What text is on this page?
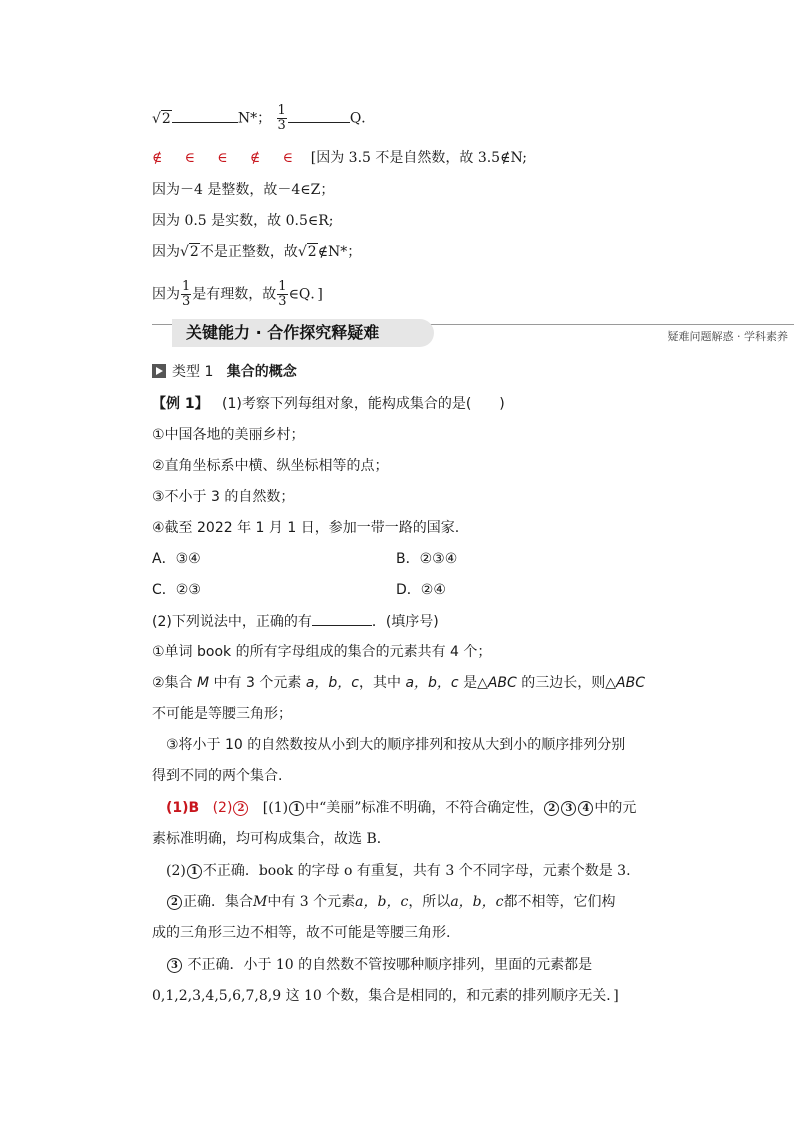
√2	N*； $\frac{1}{3}$	Q．
∉ ∈ ∈ ∉ ∈ [因为 3.5 不是自然数，故 3.5∉N;
因为－4 是整数，故－4∈Z；
因为 0.5 是实数，故 0.5∈R;
因为√2不是正整数，故√2∉N*；
因为 $\frac{1}{3}$ 是有理数，故 $\frac{1}{3}$ ∈Q．]
关键能力 · 合作探究释疑难	疑难问题解惑 · 学科素养
类型 1 集合的概念
【例 1】 (1)考察下列每组对象，能构成集合的是(　　)
①中国各地的美丽乡村；
②直角坐标系中横、纵坐标相等的点；
③不小于 3 的自然数；
④截至 2022 年 1 月 1 日，参加一带一路的国家.
A．③④	B．②③④
C．②③	D．②④
(2)下列说法中，正确的有	．(填序号)
①单词 book 的所有字母组成的集合的元素共有 4 个；
②集合 M 中有 3 个元素 a，b，c，其中 a，b，c 是△ABC 的三边长，则△ABC
不可能是等腰三角形；
③将小于 10 的自然数按从小到大的顺序排列和按从大到小的顺序排列分别
得到不同的两个集合.
(1)B (2) 2 [(1) 1 中“美丽”标准不明确，不符合确定性， 2 3 4 中的元
素标准明确，均可构成集合，故选 B．
(2) 1 不正确．book 的字母 o 有重复，共有 3 个不同字母，元素个数是 3.
2 正确．集合M中有 3 个元素a，b，c，所以a，b，c都不相等，它们构
成的三角形三边不相等，故不可能是等腰三角形.
3 不正确．小于 10 的自然数不管按哪种顺序排列，里面的元素都是
0,1,2,3,4,5,6,7,8,9 这 10 个数，集合是相同的，和元素的排列顺序无关．]
